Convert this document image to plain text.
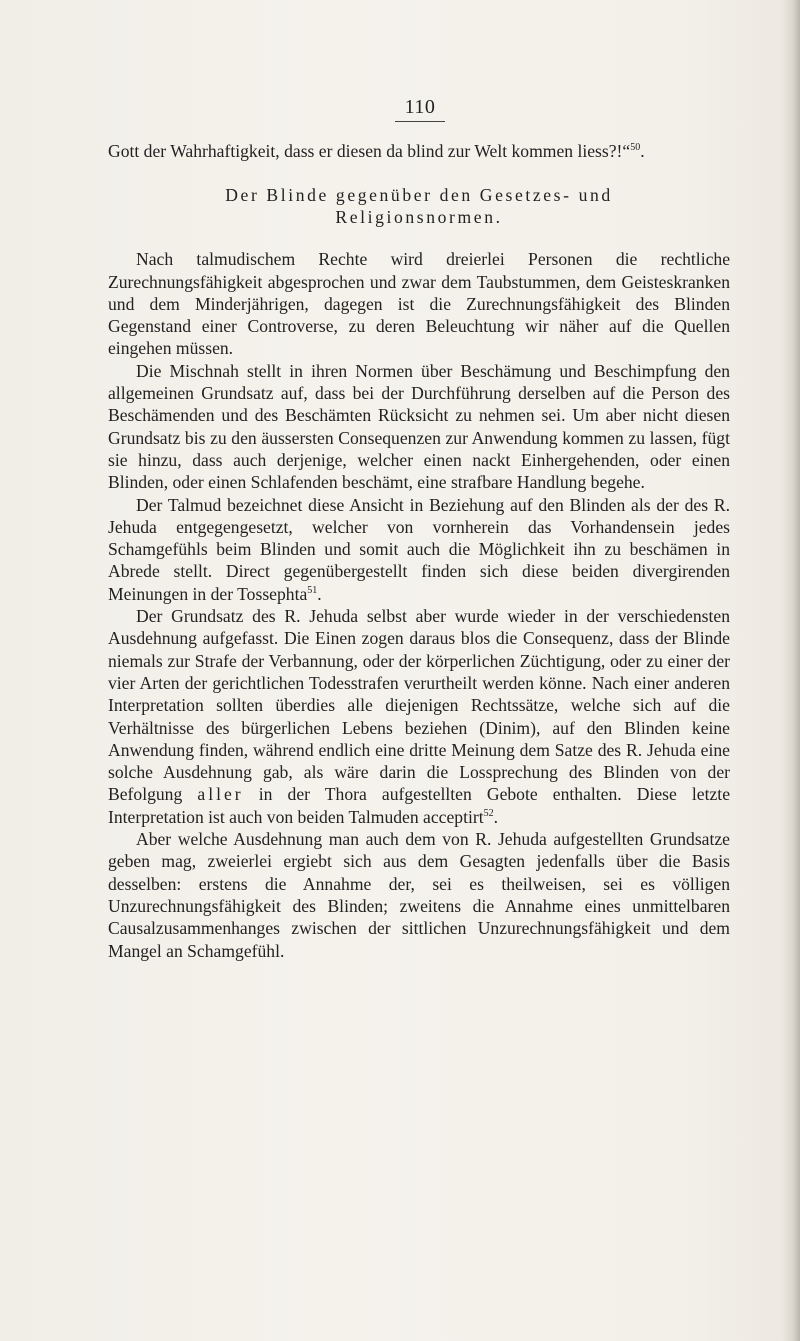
110

Gott der Wahrhaftigkeit, dass er diesen da blind zur Welt kommen liess?!“$^{50}$.

Der Blinde gegenüber den Gesetzes- und
Religionsnormen.

Nach talmudischem Rechte wird dreierlei Personen die rechtliche Zurechnungsfähigkeit abgesprochen und zwar dem Taubstummen, dem Geisteskranken und dem Minderjährigen, dagegen ist die Zurechnungsfähigkeit des Blinden Gegenstand einer Controverse, zu deren Beleuchtung wir näher auf die Quellen eingehen müssen.

Die Mischnah stellt in ihren Normen über Beschämung und Beschimpfung den allgemeinen Grundsatz auf, dass bei der Durchführung derselben auf die Person des Beschämenden und des Beschämten Rücksicht zu nehmen sei. Um aber nicht diesen Grundsatz bis zu den äussersten Consequenzen zur Anwendung kommen zu lassen, fügt sie hinzu, dass auch derjenige, welcher einen nackt Einhergehenden, oder einen Blinden, oder einen Schlafenden beschämt, eine strafbare Handlung begehe.

Der Talmud bezeichnet diese Ansicht in Beziehung auf den Blinden als der des R. Jehuda entgegengesetzt, welcher von vornherein das Vorhandensein jedes Schamgefühls beim Blinden und somit auch die Möglichkeit ihn zu beschämen in Abrede stellt. Direct gegenübergestellt finden sich diese beiden divergirenden Meinungen in der Tossephta$^{51}$.

Der Grundsatz des R. Jehuda selbst aber wurde wieder in der verschiedensten Ausdehnung aufgefasst. Die Einen zogen daraus blos die Consequenz, dass der Blinde niemals zur Strafe der Verbannung, oder der körperlichen Züchtigung, oder zu einer der vier Arten der gerichtlichen Todesstrafen verurtheilt werden könne. Nach einer anderen Interpretation sollten überdies alle diejenigen Rechtssätze, welche sich auf die Verhältnisse des bürgerlichen Lebens beziehen (Dinim), auf den Blinden keine Anwendung finden, während endlich eine dritte Meinung dem Satze des R. Jehuda eine solche Ausdehnung gab, als wäre darin die Lossprechung des Blinden von der Befolgung aller in der Thora aufgestellten Gebote enthalten. Diese letzte Interpretation ist auch von beiden Talmuden acceptirt$^{52}$.

Aber welche Ausdehnung man auch dem von R. Jehuda aufgestellten Grundsatze geben mag, zweierlei ergiebt sich aus dem Gesagten jedenfalls über die Basis desselben: erstens die Annahme der, sei es theilweisen, sei es völligen Unzurechnungsfähigkeit des Blinden; zweitens die Annahme eines unmittelbaren Causalzusammenhanges zwischen der sittlichen Unzurechnungsfähigkeit und dem Mangel an Schamgefühl.
